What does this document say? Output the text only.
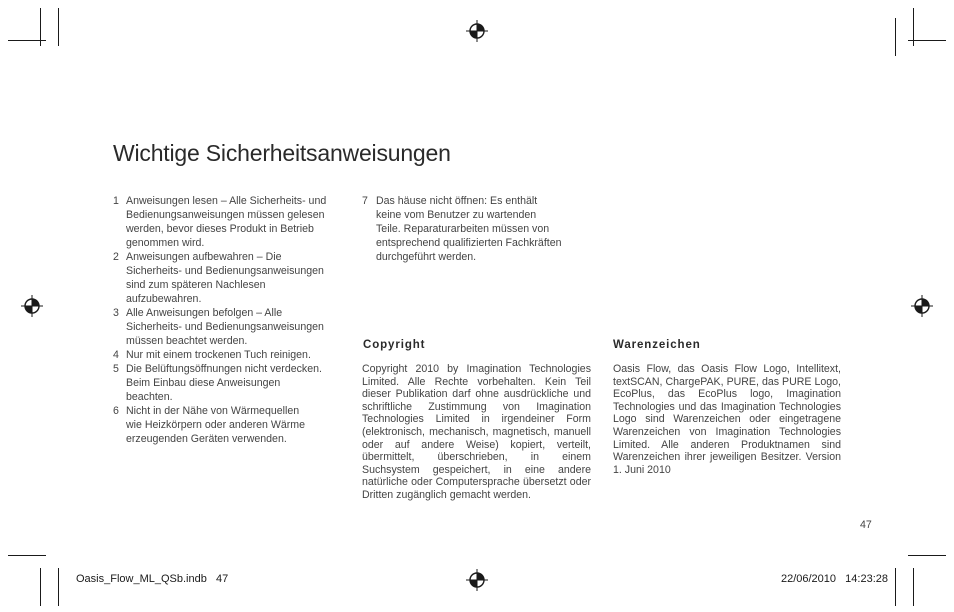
Wichtige Sicherheitsanweisungen
1 Anweisungen lesen – Alle Sicherheits- und
Bedienungsanweisungen müssen gelesen
werden, bevor dieses Produkt in Betrieb
genommen wird.
2 Anweisungen aufbewahren – Die
Sicherheits- und Bedienungsanweisungen
sind zum späteren Nachlesen
aufzubewahren.
3 Alle Anweisungen befolgen – Alle
Sicherheits- und Bedienungsanweisungen
müssen beachtet werden.
4 Nur mit einem trockenen Tuch reinigen.
5 Die Belüftungsöffnungen nicht verdecken.
Beim Einbau diese Anweisungen
beachten.
6 Nicht in der Nähe von Wärmequellen
wie Heizkörpern oder anderen Wärme
erzeugenden Geräten verwenden.
7 Das häuse nicht öffnen: Es enthält
keine vom Benutzer zu wartenden
Teile. Reparaturarbeiten müssen von
entsprechend qualifizierten Fachkräften
durchgeführt werden.
Copyright

Copyright 2010 by Imagination Technologies Limited. Alle Rechte vorbehalten. Kein Teil dieser Publikation darf ohne ausdrückliche und schriftliche Zustimmung von Imagination Technologies Limited in irgendeiner Form (elektronisch, mechanisch, magnetisch, manuell oder auf andere Weise) kopiert, verteilt, übermittelt, überschrieben, in einem Suchsystem gespeichert, in eine andere natürliche oder Computersprache übersetzt oder Dritten zugänglich gemacht werden.

Warenzeichen

Oasis Flow, das Oasis Flow Logo, Intellitext, textSCAN, ChargePAK, PURE, das PURE Logo, EcoPlus, das EcoPlus logo, Imagination Technologies und das Imagination Technologies Logo sind Warenzeichen oder eingetragene Warenzeichen von Imagination Technologies Limited. Alle anderen Produktnamen sind Warenzeichen ihrer jeweiligen Besitzer. Version 1. Juni 2010

47
Oasis_Flow_ML_QSb.indb   47	22/06/2010   14:23:28
